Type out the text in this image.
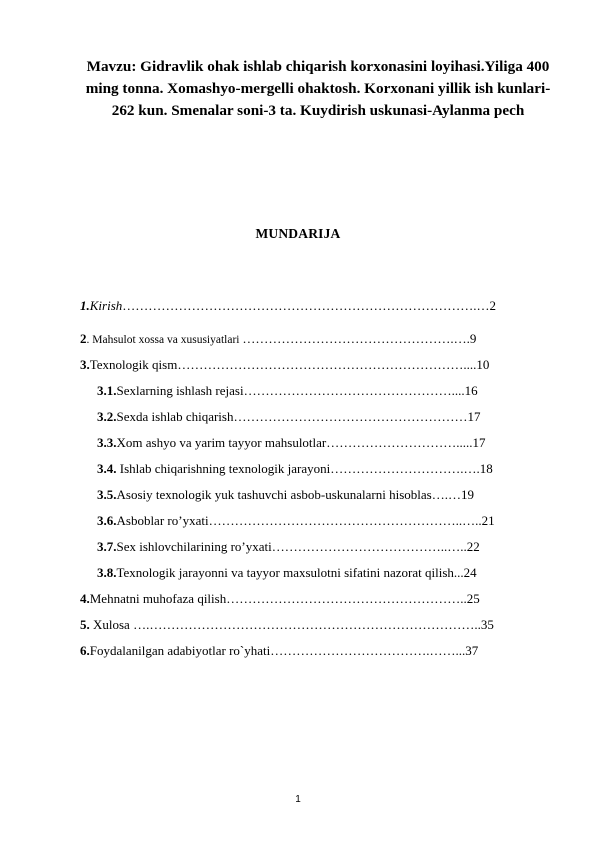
Mavzu: Gidravlik ohak ishlab chiqarish korxonasini loyihasi.Yiliga 400 ming tonna. Xomashyo-mergelli ohaktosh. Korxonani yillik ish kunlari-262 kun. Smenalar soni-3 ta. Kuydirish uskunasi-Aylanma pech
MUNDARIJA
1.Kirish……………………………………………………………………….…2
2. Mahsulot xossa va xususiyatlari ………………………………………….….9
3.Texnologik qism…………………………………………………………....10
3.1.Sexlarning ishlash rejasi…………………………………………....16
3.2.Sexda ishlab chiqarish………………………………………………17
3.3.Xom ashyo va yarim tayyor mahsulotlar………………………….....17
3.4. Ishlab chiqarishning texnologik jarayoni………………………….….18
3.5.Asosiy texnologik yuk tashuvchi asbob-uskunalarni hisoblas….…19
3.6.Asboblar ro’yxati…………………………………………………..…..21
3.7.Sex ishlovchilarining ro’yxati…………………………………..…..22
3.8.Texnologik jarayonni va tayyor maxsulotni sifatini nazorat qilish...24
4.Mehnatni muhofaza qilish………………………………………………..25
5. Xulosa ….…………………………………………………………………..35
6.Foydalanilgan adabiyotlar ro`yhati……………………………….……...37
1
